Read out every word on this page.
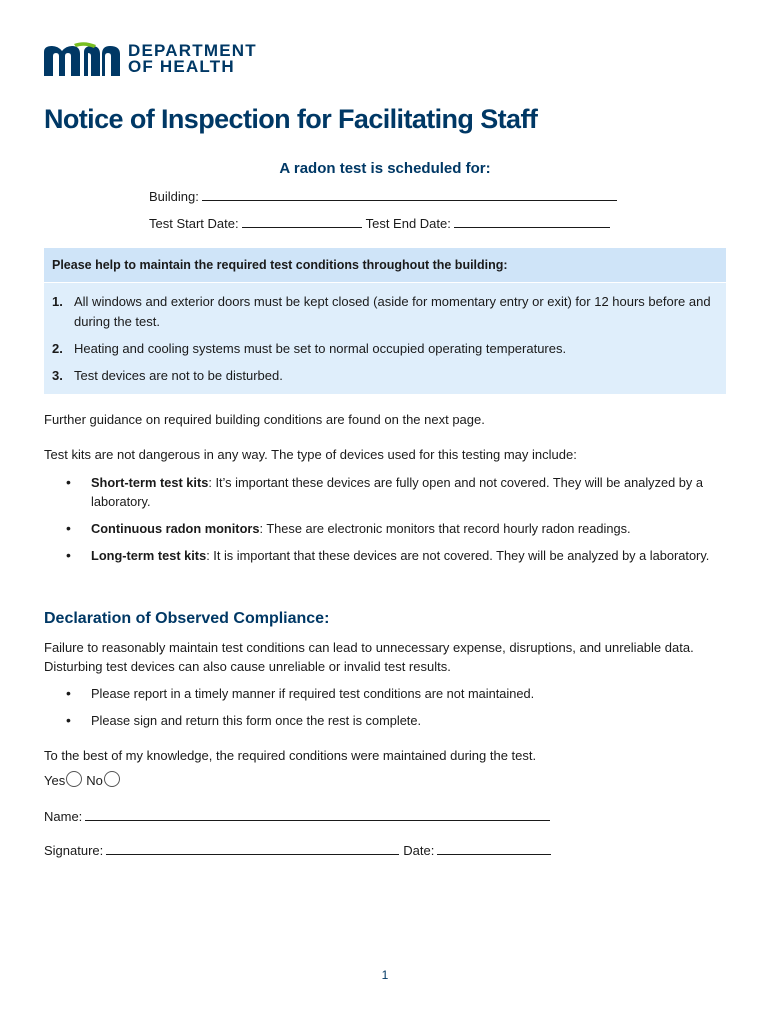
DEPARTMENT
OF HEALTH
Notice of Inspection for Facilitating Staff
A radon test is scheduled for:
Building:
Test Start Date:	Test End Date:
Please help to maintain the required test conditions throughout the building:
1. All windows and exterior doors must be kept closed (aside for momentary entry or exit) for 12 hours before and during the test.
2. Heating and cooling systems must be set to normal occupied operating temperatures.
3. Test devices are not to be disturbed.
Further guidance on required building conditions are found on the next page.
Test kits are not dangerous in any way. The type of devices used for this testing may include:
•	Short-term test kits: It’s important these devices are fully open and not covered. They will be analyzed by a laboratory.
•	Continuous radon monitors: These are electronic monitors that record hourly radon readings.
•	Long-term test kits: It is important that these devices are not covered. They will be analyzed by a laboratory.
Declaration of Observed Compliance:
Failure to reasonably maintain test conditions can lead to unnecessary expense, disruptions, and unreliable data. Disturbing test devices can also cause unreliable or invalid test results.
•	Please report in a timely manner if required test conditions are not maintained.
•	Please sign and return this form once the rest is complete.
To the best of my knowledge, the required conditions were maintained during the test.
Yes No
Name:
Signature:	Date:
1
